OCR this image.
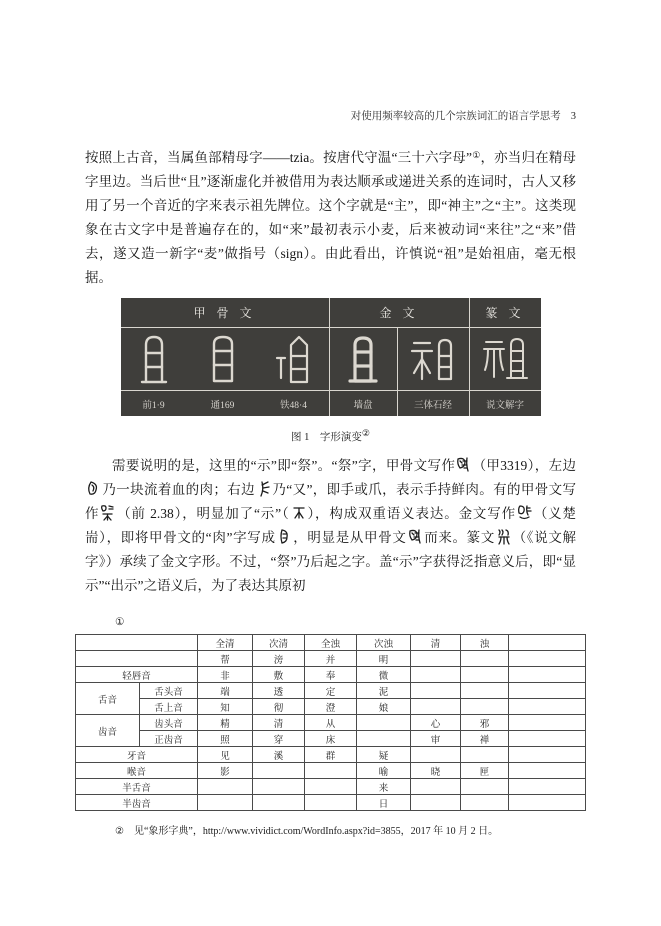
对使用频率较高的几个宗族词汇的语言学思考 3

按照上古音，当属鱼部精母字——tzia。按唐代守温“三十六字母”①，亦当归在精母字里边。当后世“且”逐渐虚化并被借用为表达顺承或递进关系的连词时，古人又移用了另一个音近的字来表示祖先牌位。这个字就是“主”，即“神主”之“主”。这类现象在古文字中是普遍存在的，如“来”最初表示小麦，后来被动词“来往”之“来”借去，遂又造一新字“麦”做指号（sign）。由此看出，许慎说“祖”是始祖庙，毫无根据。

甲 骨 文	金 文	篆 文
前1·9	通169	铁48·4	墙盘	三体石经	说文解字
图 1　字形演变②

需要说明的是，这里的“示”即“祭”。“祭”字，甲骨文写作 （甲3319），左边
乃一块流着血的肉；右边 乃“又”，即手或爪，表示手持鲜肉。有的甲骨文写作 （前 2.38），明显加了“示”（ ），构成双重语义表达。金文写作 （义楚耑），即将甲骨文的“肉”字写成 ，明显是从甲骨文 而来。篆文 （《说文解字》）承续了金文字形。不过，“祭”乃后起之字。盖“示”字获得泛指意义后，即“显示”“出示”之语义后，为了表达其原初

①
		全清	次清	全浊	次浊	清	浊	
		帮	滂	并	明			
轻唇音		非	敷	奉	微			
舌音	舌头音	端	透	定	泥			
	舌上音	知	彻	澄	娘			
齿音	齿头音	精	清	从		心	邪	
	正齿音	照	穿	床		审	禅	
牙音		见	溪	群	疑			
喉音		影			喻	晓	匣	
半舌音					来			
半齿音					日			
② 见“象形字典”，http://www.vividict.com/WordInfo.aspx?id=3855，2017 年 10 月 2 日。
